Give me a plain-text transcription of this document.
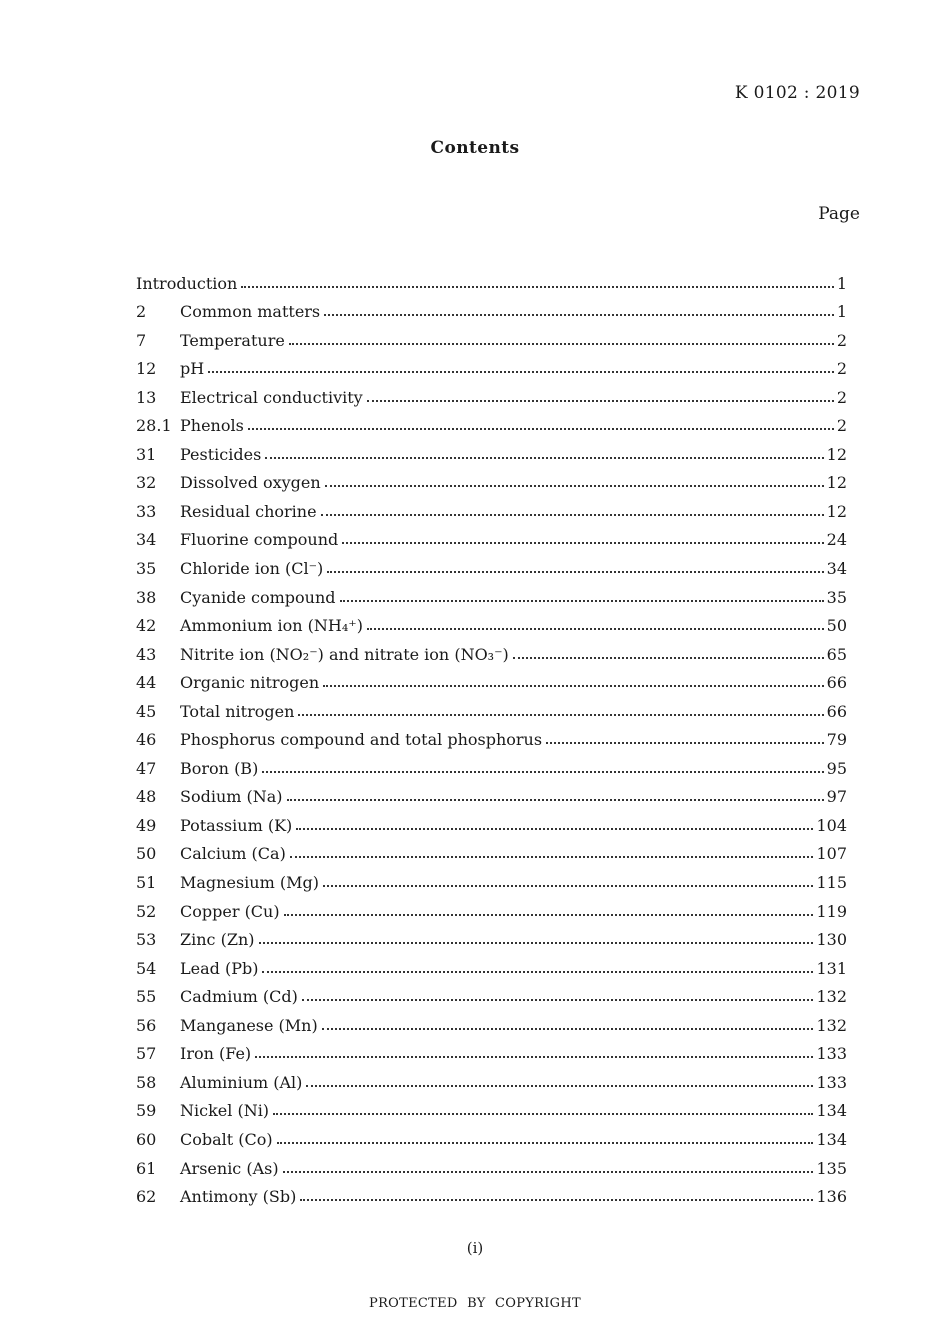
K 0102 : 2019
Contents
Page
Introduction	1
2	Common matters	1
7	Temperature	2
12	pH	2
13	Electrical conductivity	2
28.1 Phenols	2
31	Pesticides	12
32	Dissolved oxygen	12
33	Residual chorine	12
34	Fluorine compound	24
35	Chloride ion (Cl⁻)	34
38	Cyanide compound	35
42	Ammonium ion (NH₄⁺)	50
43	Nitrite ion (NO₂⁻) and nitrate ion (NO₃⁻)	65
44	Organic nitrogen	66
45	Total nitrogen	66
46	Phosphorus compound and total phosphorus	79
47	Boron (B)	95
48	Sodium (Na)	97
49	Potassium (K)	104
50	Calcium (Ca)	107
51	Magnesium (Mg)	115
52	Copper (Cu)	119
53	Zinc (Zn)	130
54	Lead (Pb)	131
55	Cadmium (Cd)	132
56	Manganese (Mn)	132
57	Iron (Fe)	133
58	Aluminium (Al)	133
59	Nickel (Ni)	134
60	Cobalt (Co)	134
61	Arsenic (As)	135
62	Antimony (Sb)	136
(i)
PROTECTED BY COPYRIGHT
